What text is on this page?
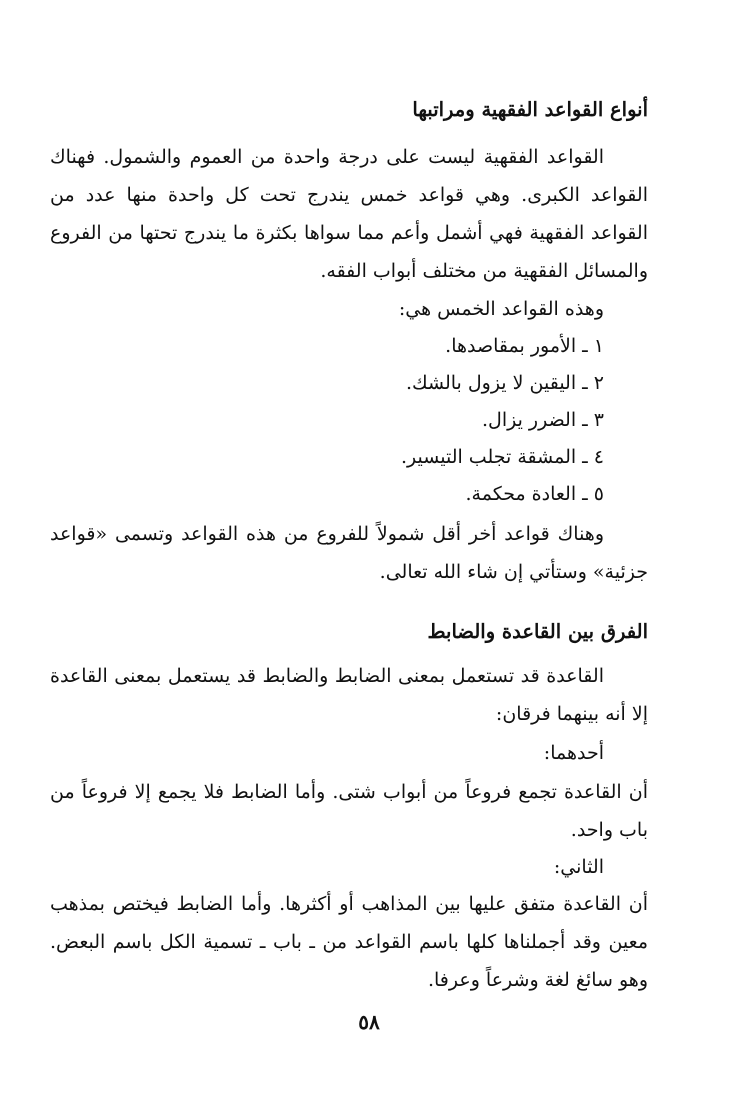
أنواع القواعد الفقهية ومراتبها
القواعد الفقهية ليست على درجة واحدة من العموم والشمول. فهناك القواعد الكبرى. وهي قواعد خمس يندرج تحت كل واحدة منها عدد من القواعد الفقهية فهي أشمل وأعم مما سواها بكثرة ما يندرج تحتها من الفروع والمسائل الفقهية من مختلف أبواب الفقه.
وهذه القواعد الخمس هي:
١ ـ الأمور بمقاصدها.
٢ ـ اليقين لا يزول بالشك.
٣ ـ الضرر يزال.
٤ ـ المشقة تجلب التيسير.
٥ ـ العادة محكمة.
وهناك قواعد أخر أقل شمولاً للفروع من هذه القواعد وتسمى «قواعد جزئية» وستأتي إن شاء الله تعالى.
الفرق بين القاعدة والضابط
القاعدة قد تستعمل بمعنى الضابط والضابط قد يستعمل بمعنى القاعدة إلا أنه بينهما فرقان:
أحدهما:
أن القاعدة تجمع فروعاً من أبواب شتى. وأما الضابط فلا يجمع إلا فروعاً من باب واحد.
الثاني:
أن القاعدة متفق عليها بين المذاهب أو أكثرها. وأما الضابط فيختص بمذهب معين وقد أجملناها كلها باسم القواعد من ـ باب ـ تسمية الكل باسم البعض. وهو سائغ لغة وشرعاً وعرفا.
٥٨
